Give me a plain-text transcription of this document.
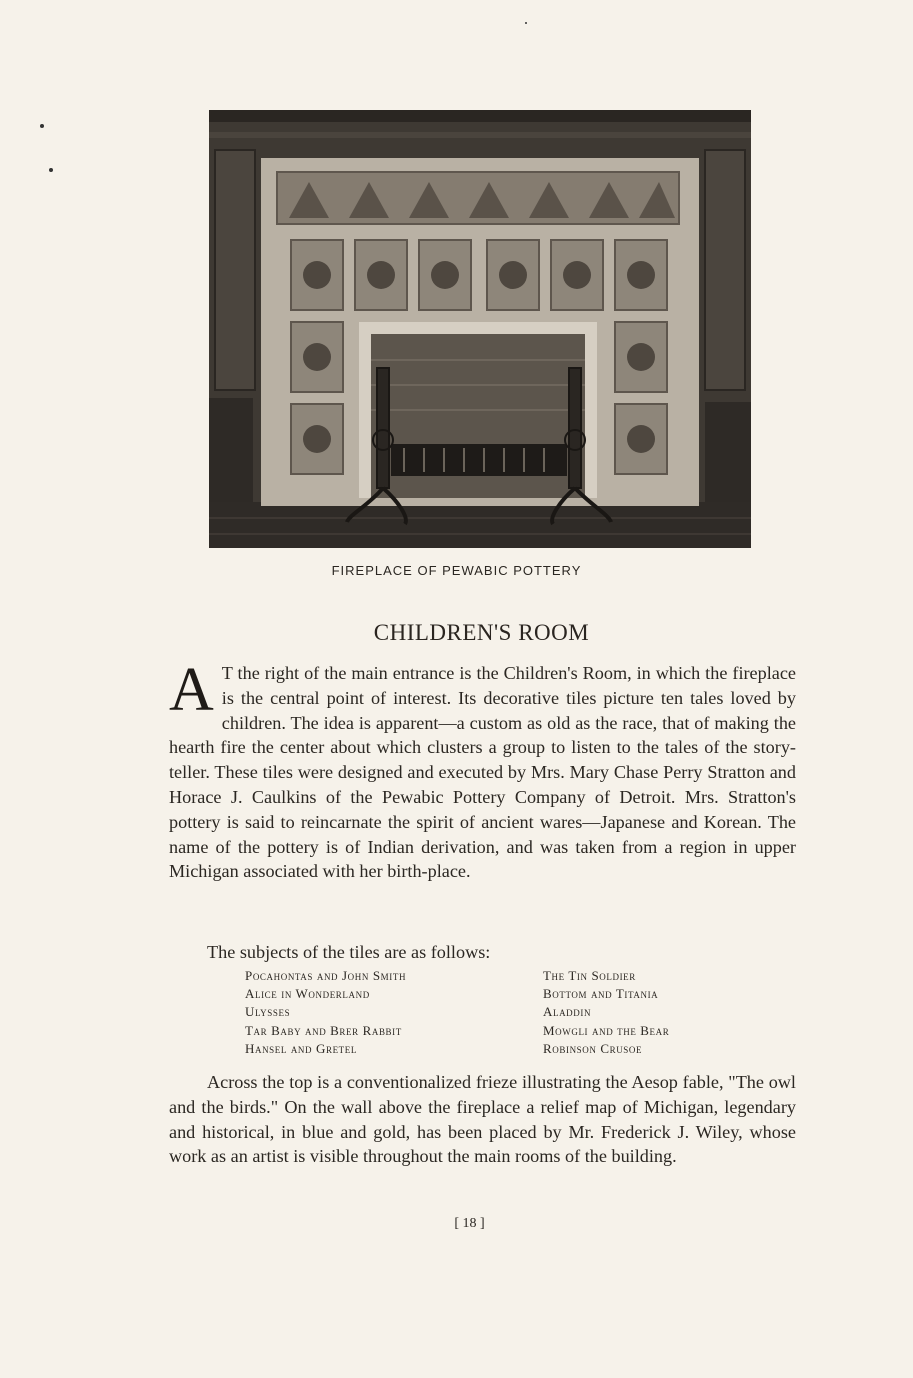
FIREPLACE OF PEWABIC POTTERY
CHILDREN'S ROOM
A T the right of the main entrance is the Children's Room, in which the fireplace is the central point of interest. Its decorative tiles picture ten tales loved by children. The idea is apparent—a custom as old as the race, that of making the hearth fire the center about which clusters a group to listen to the tales of the story-teller. These tiles were designed and executed by Mrs. Mary Chase Perry Stratton and Horace J. Caulkins of the Pewabic Pottery Company of Detroit. Mrs. Stratton's pottery is said to reincarnate the spirit of ancient wares—Japanese and Korean. The name of the pottery is of Indian derivation, and was taken from a region in upper Michigan associated with her birth-place.
The subjects of the tiles are as follows:
Pocahontas and John Smith
Alice in Wonderland
Ulysses
Tar Baby and Brer Rabbit
Hansel and Gretel
The Tin Soldier
Bottom and Titania
Aladdin
Mowgli and the Bear
Robinson Crusoe
Across the top is a conventionalized frieze illustrating the Aesop fable, "The owl and the birds." On the wall above the fireplace a relief map of Michigan, legendary and historical, in blue and gold, has been placed by Mr. Frederick J. Wiley, whose work as an artist is visible throughout the main rooms of the building.
[ 18 ]
